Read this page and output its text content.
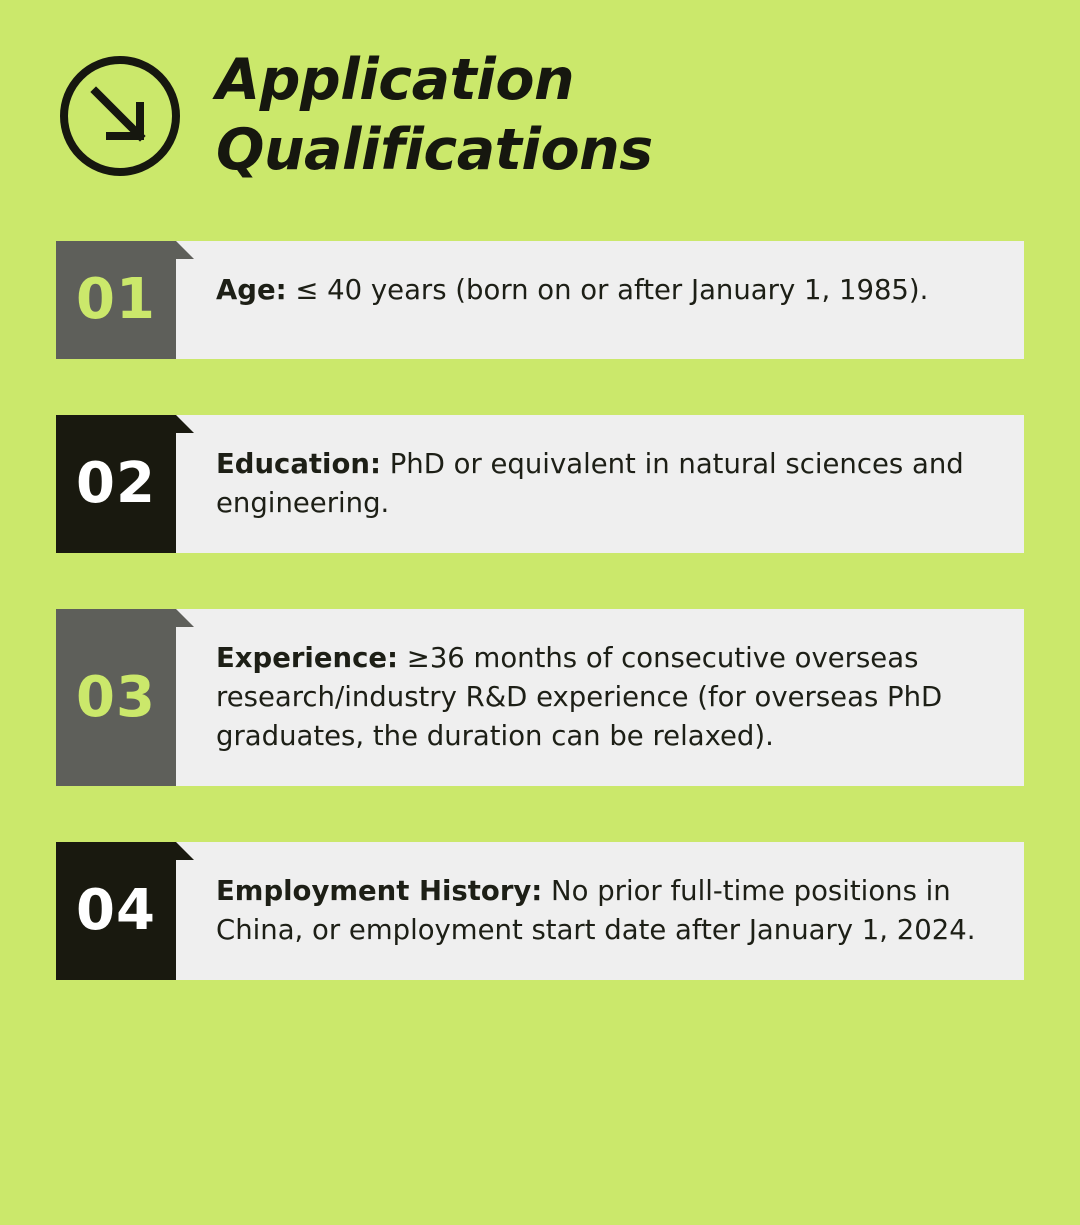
Application
Qualifications
01 Age: ≤ 40 years (born on or after January 1, 1985).
02 Education: PhD or equivalent in natural sciences and engineering.
03
Experience: ≥36 months of consecutive overseas research/industry R&D experience (for overseas PhD graduates, the duration can be relaxed).
04 Employment History: No prior full-time positions in China, or employment start date after January 1, 2024.
